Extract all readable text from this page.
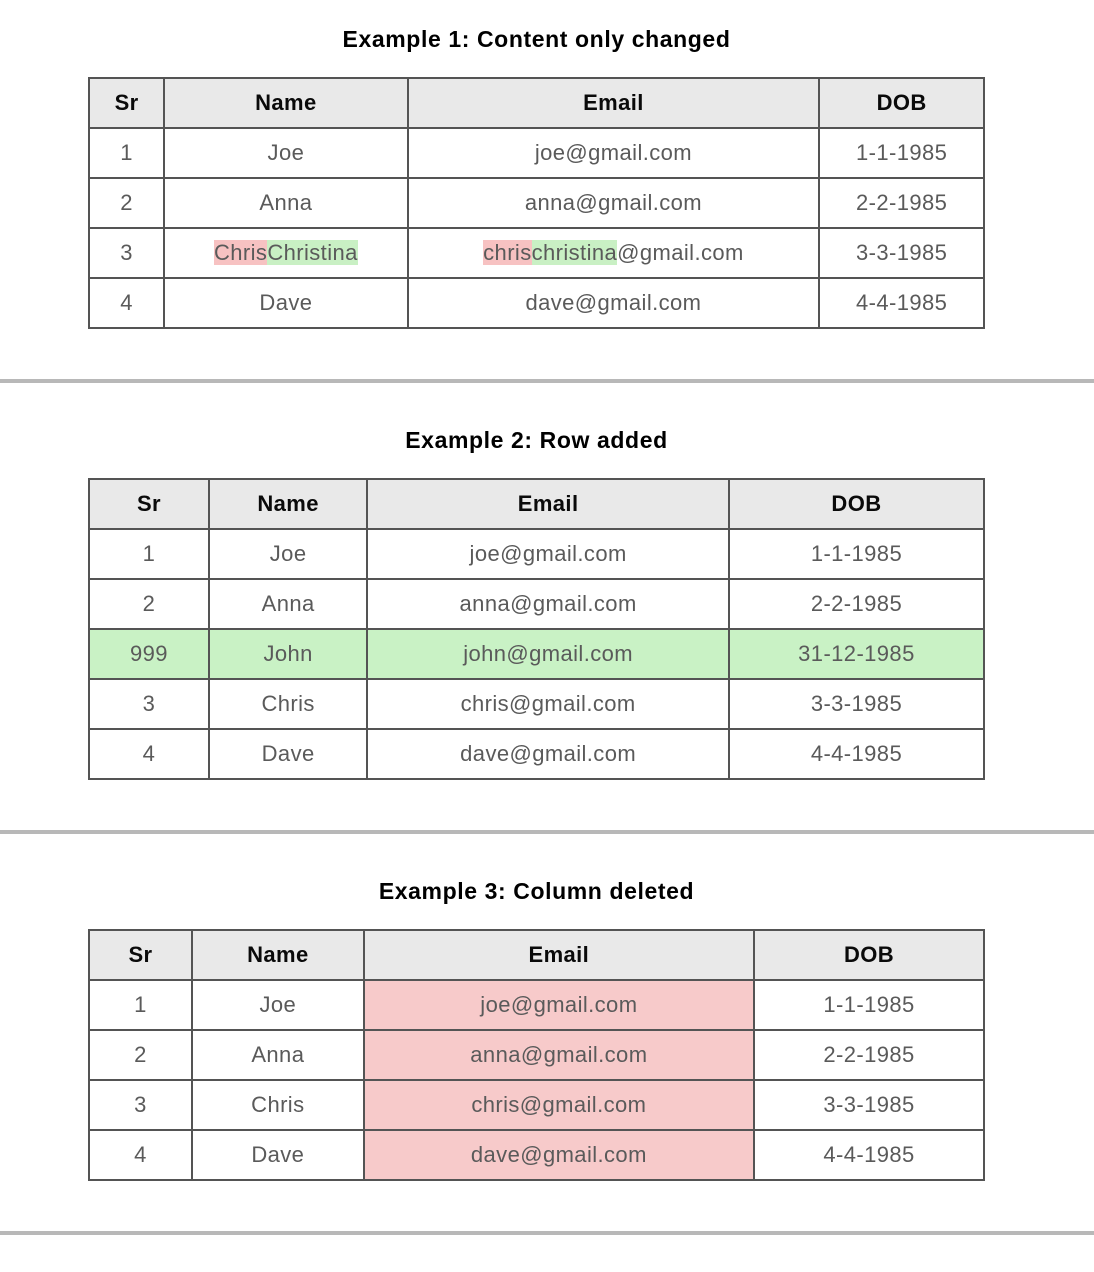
Example 1: Content only changed
Sr	Name	Email	DOB
1	Joe	joe@gmail.com	1-1-1985
2	Anna	anna@gmail.com	2-2-1985
3	ChrisChristina	chrischristina@gmail.com	3-3-1985
4	Dave	dave@gmail.com	4-4-1985
Example 2: Row added
Sr	Name	Email	DOB
1	Joe	joe@gmail.com	1-1-1985
2	Anna	anna@gmail.com	2-2-1985
999	John	john@gmail.com	31-12-1985
3	Chris	chris@gmail.com	3-3-1985
4	Dave	dave@gmail.com	4-4-1985
Example 3: Column deleted
Sr	Name	Email	DOB
1	Joe	joe@gmail.com	1-1-1985
2	Anna	anna@gmail.com	2-2-1985
3	Chris	chris@gmail.com	3-3-1985
4	Dave	dave@gmail.com	4-4-1985
